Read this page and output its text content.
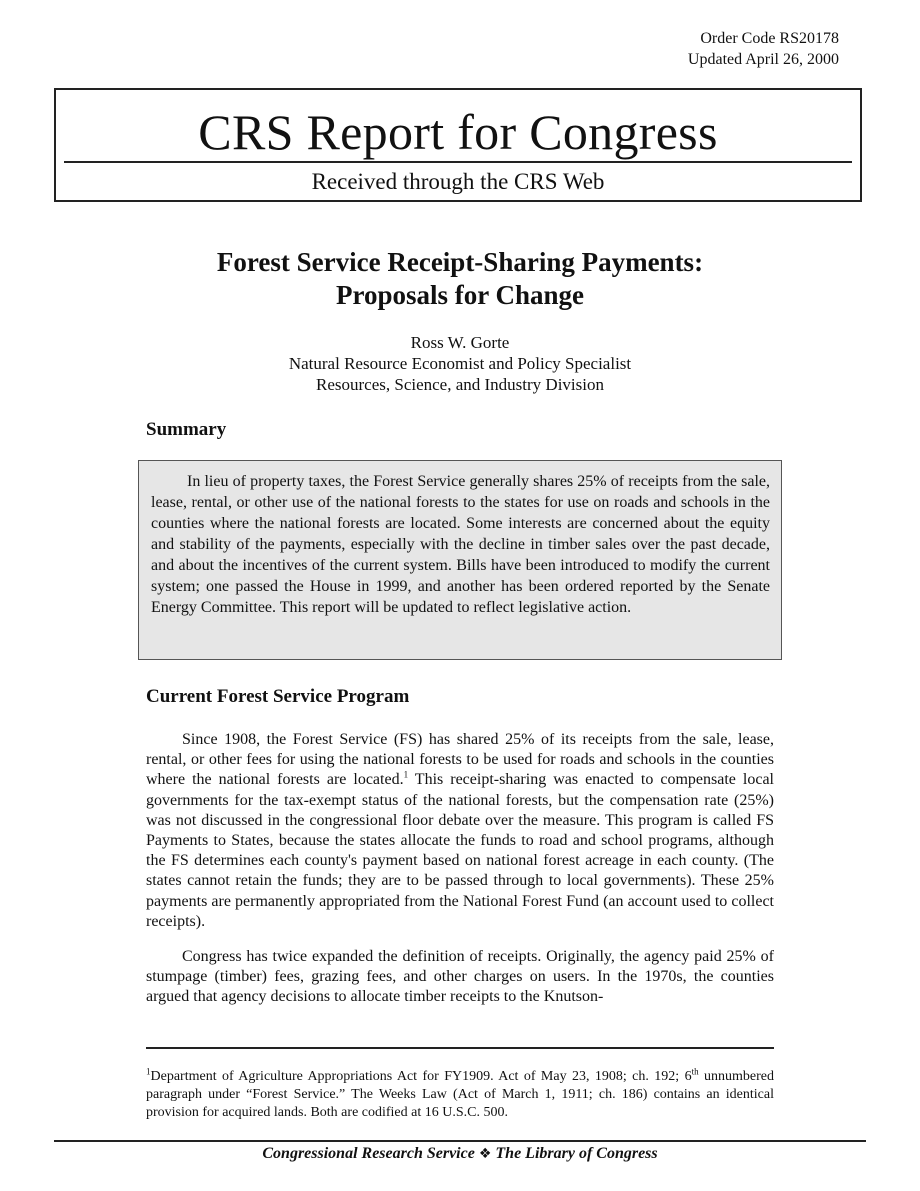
Order Code RS20178
Updated April 26, 2000
CRS Report for Congress
Received through the CRS Web
Forest Service Receipt-Sharing Payments:
Proposals for Change
Ross W. Gorte
Natural Resource Economist and Policy Specialist
Resources, Science, and Industry Division
Summary

In lieu of property taxes, the Forest Service generally shares 25% of receipts from the sale, lease, rental, or other use of the national forests to the states for use on roads and schools in the counties where the national forests are located. Some interests are concerned about the equity and stability of the payments, especially with the decline in timber sales over the past decade, and about the incentives of the current system. Bills have been introduced to modify the current system; one passed the House in 1999, and another has been ordered reported by the Senate Energy Committee. This report will be updated to reflect legislative action.

Current Forest Service Program

Since 1908, the Forest Service (FS) has shared 25% of its receipts from the sale, lease, rental, or other fees for using the national forests to be used for roads and schools in the counties where the national forests are located.$^1$ This receipt-sharing was enacted to compensate local governments for the tax-exempt status of the national forests, but the compensation rate (25%) was not discussed in the congressional floor debate over the measure. This program is called FS Payments to States, because the states allocate the funds to road and school programs, although the FS determines each county's payment based on national forest acreage in each county. (The states cannot retain the funds; they are to be passed through to local governments). These 25% payments are permanently appropriated from the National Forest Fund (an account used to collect receipts).

Congress has twice expanded the definition of receipts. Originally, the agency paid 25% of stumpage (timber) fees, grazing fees, and other charges on users. In the 1970s, the counties argued that agency decisions to allocate timber receipts to the Knutson-

$^1$Department of Agriculture Appropriations Act for FY1909. Act of May 23, 1908; ch. 192; 6th unnumbered paragraph under “Forest Service.” The Weeks Law (Act of March 1, 1911; ch. 186) contains an identical provision for acquired lands. Both are codified at 16 U.S.C. 500.

Congressional Research Service ❖ The Library of Congress
